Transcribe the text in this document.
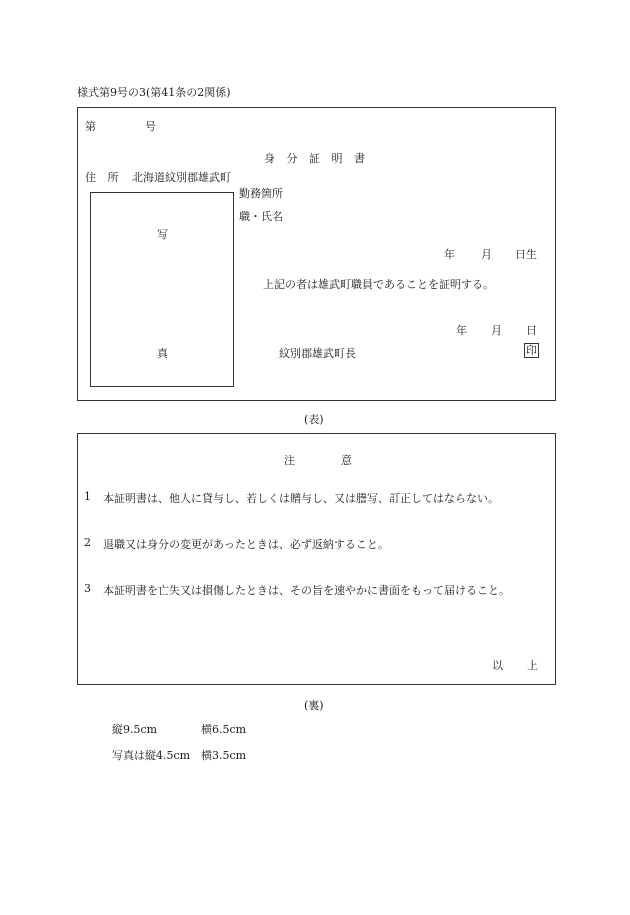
様式第9号の3(第41条の2関係)
第	号
身 分 証 明 書
住 所 北海道紋別郡雄武町
写
真
勤務箇所
職・氏名
年 月 日生
上記の者は雄武町職員であることを証明する。
年 月 日
紋別郡雄武町長	印
(表)
注	意
1 本証明書は、他人に貸与し、若しくは贈与し、又は謄写、訂正してはならない。
2 退職又は身分の変更があったときは、必ず返納すること。
3 本証明書を亡失又は損傷したときは、その旨を速やかに書面をもって届けること。
以 上
(裏)
縦9.5cm	横6.5cm
写真は縦4.5cm 横3.5cm
